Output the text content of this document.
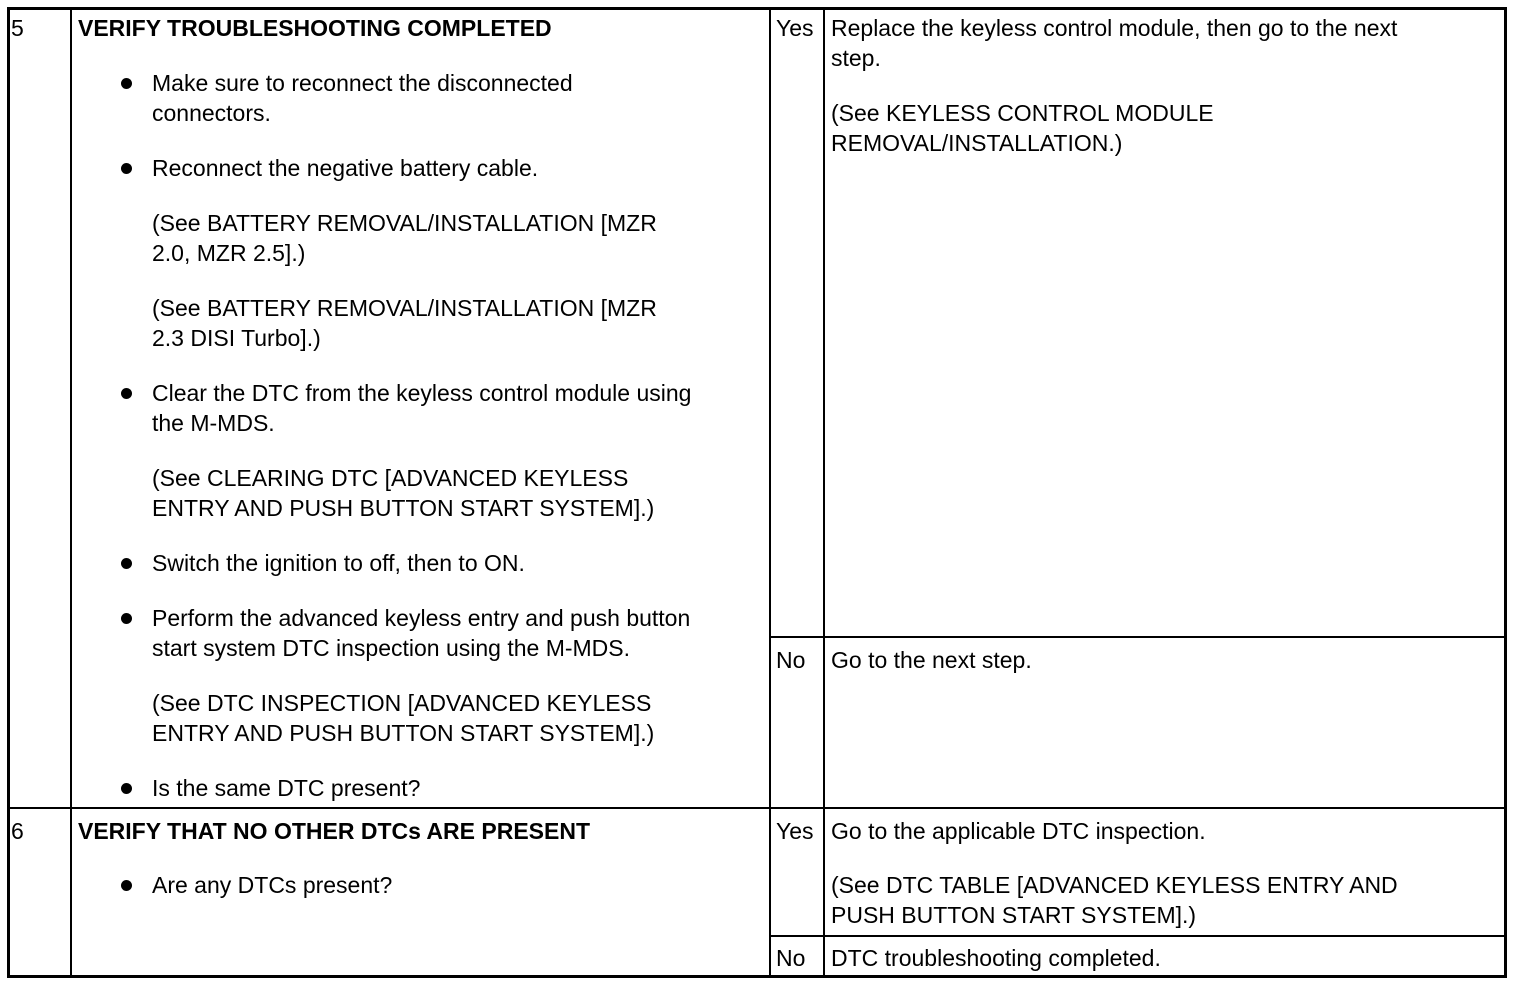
5 VERIFY TROUBLESHOOTING COMPLETED
Make sure to reconnect the disconnected
connectors.
Reconnect the negative battery cable.
(See BATTERY REMOVAL/INSTALLATION [MZR
2.0, MZR 2.5].)
(See BATTERY REMOVAL/INSTALLATION [MZR
2.3 DISI Turbo].)
Clear the DTC from the keyless control module using
the M-MDS.
(See CLEARING DTC [ADVANCED KEYLESS
ENTRY AND PUSH BUTTON START SYSTEM].)
Switch the ignition to off, then to ON.
Perform the advanced keyless entry and push button
start system DTC inspection using the M-MDS.
(See DTC INSPECTION [ADVANCED KEYLESS
ENTRY AND PUSH BUTTON START SYSTEM].)
Is the same DTC present?
Yes Replace the keyless control module, then go to the next
step.
(See KEYLESS CONTROL MODULE
REMOVAL/INSTALLATION.)
No Go to the next step.
6 VERIFY THAT NO OTHER DTCs ARE PRESENT
Are any DTCs present?
Yes Go to the applicable DTC inspection.
(See DTC TABLE [ADVANCED KEYLESS ENTRY AND
PUSH BUTTON START SYSTEM].)
No DTC troubleshooting completed.
